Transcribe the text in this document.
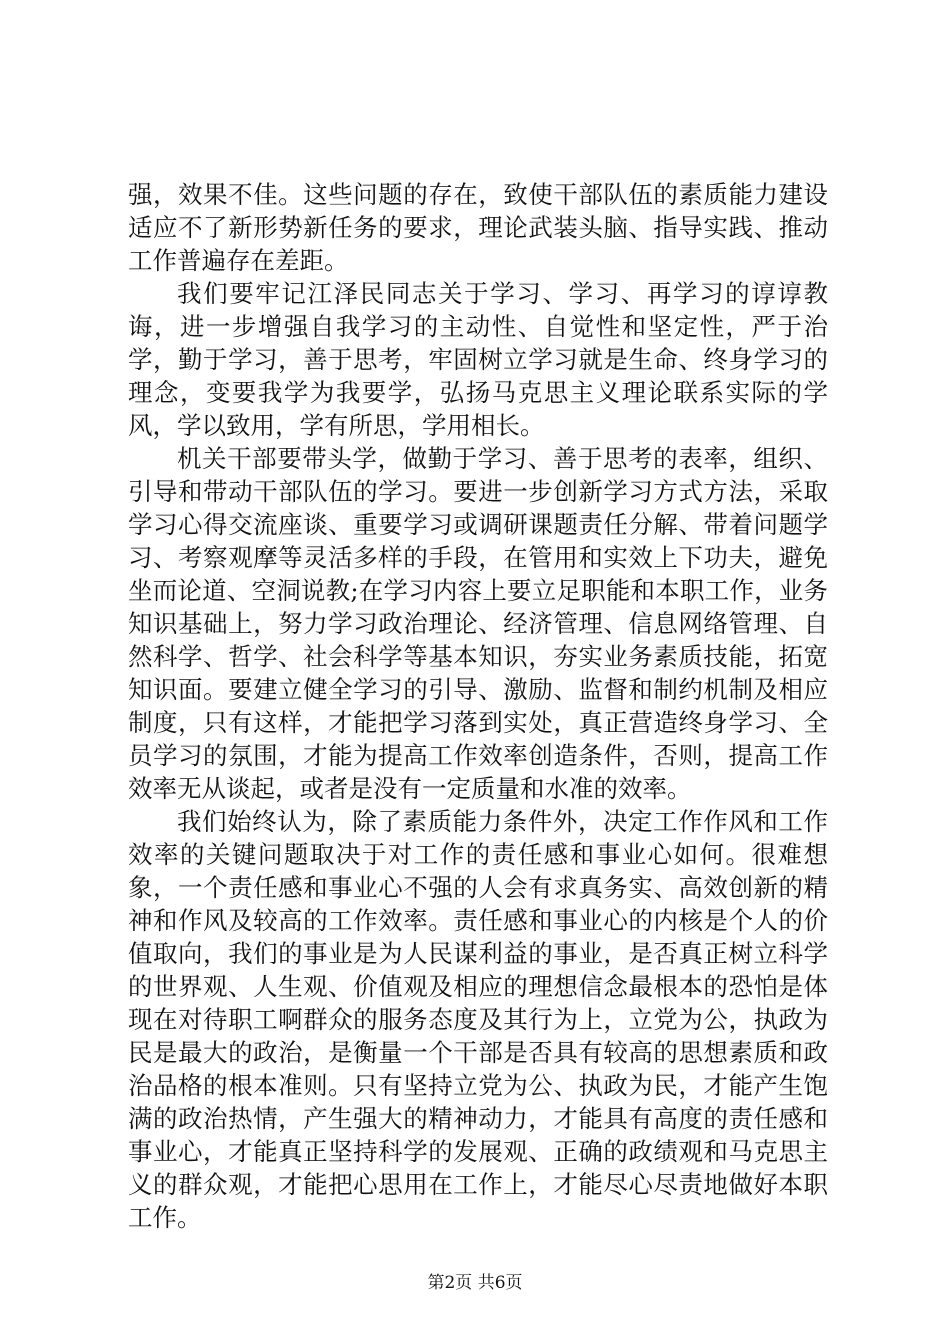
强，效果不佳。这些问题的存在，致使干部队伍的素质能力建设适应不了新形势新任务的要求，理论武装头脑、指导实践、推动工作普遍存在差距。

我们要牢记江泽民同志关于学习、学习、再学习的谆谆教诲，进一步增强自我学习的主动性、自觉性和坚定性，严于治学，勤于学习，善于思考，牢固树立学习就是生命、终身学习的理念，变要我学为我要学，弘扬马克思主义理论联系实际的学风，学以致用，学有所思，学用相长。

机关干部要带头学，做勤于学习、善于思考的表率，组织、引导和带动干部队伍的学习。要进一步创新学习方式方法，采取学习心得交流座谈、重要学习或调研课题责任分解、带着问题学习、考察观摩等灵活多样的手段，在管用和实效上下功夫，避免坐而论道、空洞说教;在学习内容上要立足职能和本职工作，业务知识基础上，努力学习政治理论、经济管理、信息网络管理、自然科学、哲学、社会科学等基本知识，夯实业务素质技能，拓宽知识面。要建立健全学习的引导、激励、监督和制约机制及相应制度，只有这样，才能把学习落到实处，真正营造终身学习、全员学习的氛围，才能为提高工作效率创造条件，否则，提高工作效率无从谈起，或者是没有一定质量和水准的效率。

我们始终认为，除了素质能力条件外，决定工作作风和工作效率的关键问题取决于对工作的责任感和事业心如何。很难想象，一个责任感和事业心不强的人会有求真务实、高效创新的精神和作风及较高的工作效率。责任感和事业心的内核是个人的价值取向，我们的事业是为人民谋利益的事业，是否真正树立科学的世界观、人生观、价值观及相应的理想信念最根本的恐怕是体现在对待职工啊群众的服务态度及其行为上，立党为公，执政为民是最大的政治，是衡量一个干部是否具有较高的思想素质和政治品格的根本准则。只有坚持立党为公、执政为民，才能产生饱满的政治热情，产生强大的精神动力，才能具有高度的责任感和事业心，才能真正坚持科学的发展观、正确的政绩观和马克思主义的群众观，才能把心思用在工作上，才能尽心尽责地做好本职工作。

第2页 共6页
